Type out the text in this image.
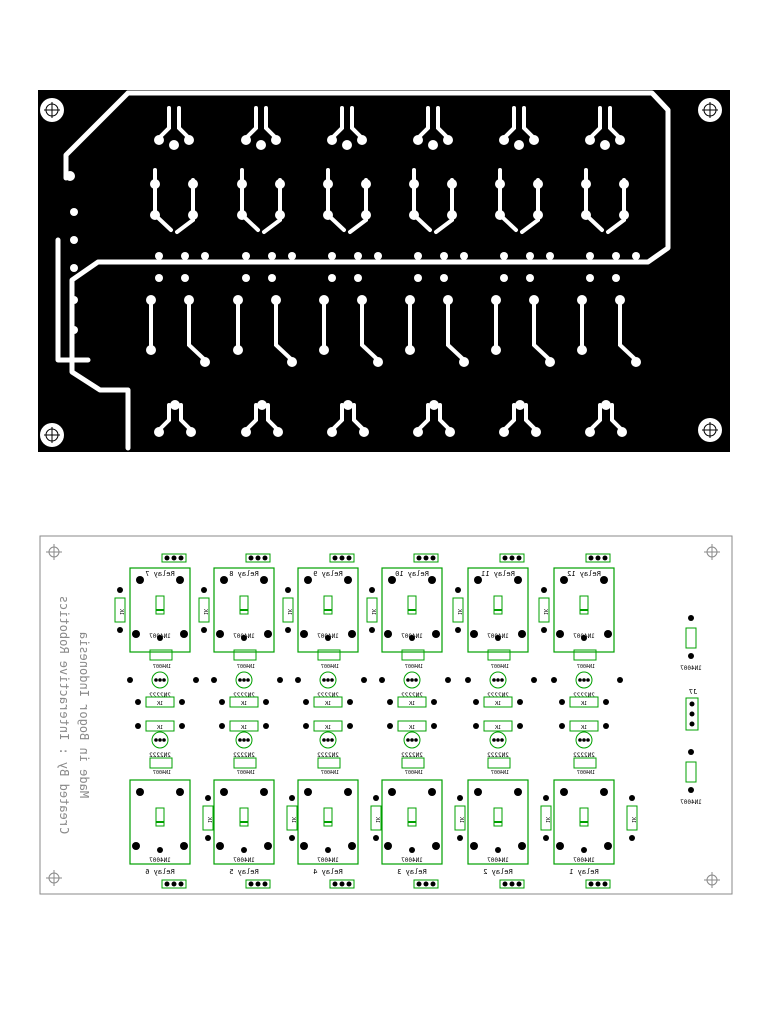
Made in Bogor Indonesia
Created By : Interactive Robotics
Relay 7
1N4007
1K
Relay 6
1N4007
1K
1N4007
2N2222
1K
1K
2N2222
1N4007
Relay 8
1N4007
1K
Relay 5
1N4007
1K
1N4007
2N2222
1K
1K
2N2222
1N4007
Relay 9
1N4007
1K
Relay 4
1N4007
1K
1N4007
2N2222
1K
1K
2N2222
1N4007
Relay 10
1N4007
1K
Relay 3
1N4007
1K
1N4007
2N2222
1K
1K
2N2222
1N4007
Relay 11
1N4007
1K
Relay 2
1N4007
1K
1N4007
2N2222
1K
1K
2N2222
1N4007
Relay 12
1N4007
1K
Relay 1
1N4007
1K
1N4007
2N2222
1K
1K
2N2222
1N4007
1N4007
J7
1N4007
